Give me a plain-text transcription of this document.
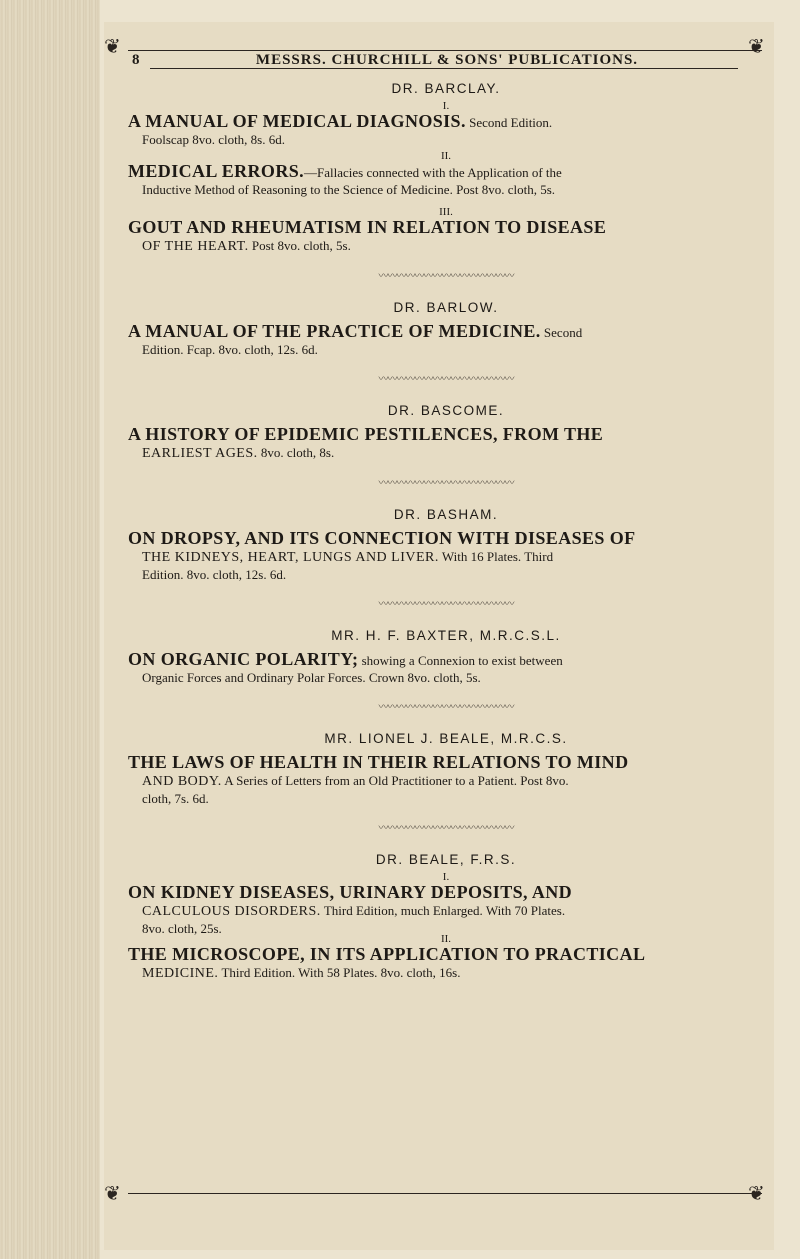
❦	❦
❦	❦
8	MESSRS. CHURCHILL & SONS' PUBLICATIONS.

DR. BARCLAY.

I.

A MANUAL OF MEDICAL DIAGNOSIS. Second Edition.
Foolscap 8vo. cloth, 8s. 6d.

II.

MEDICAL ERRORS.—Fallacies connected with the Application of the
Inductive Method of Reasoning to the Science of Medicine. Post 8vo. cloth, 5s.

III.

GOUT AND RHEUMATISM IN RELATION TO DISEASE
OF THE HEART. Post 8vo. cloth, 5s.

〰〰〰〰〰〰〰〰〰〰〰〰〰〰〰

DR. BARLOW.

A MANUAL OF THE PRACTICE OF MEDICINE. Second
Edition. Fcap. 8vo. cloth, 12s. 6d.

〰〰〰〰〰〰〰〰〰〰〰〰〰〰〰

DR. BASCOME.

A HISTORY OF EPIDEMIC PESTILENCES, FROM THE
EARLIEST AGES. 8vo. cloth, 8s.

〰〰〰〰〰〰〰〰〰〰〰〰〰〰〰

DR. BASHAM.

ON DROPSY, AND ITS CONNECTION WITH DISEASES OF
THE KIDNEYS, HEART, LUNGS AND LIVER. With 16 Plates. Third
Edition. 8vo. cloth, 12s. 6d.

〰〰〰〰〰〰〰〰〰〰〰〰〰〰〰

MR. H. F. BAXTER, M.R.C.S.L.

ON ORGANIC POLARITY; showing a Connexion to exist between
Organic Forces and Ordinary Polar Forces. Crown 8vo. cloth, 5s.

〰〰〰〰〰〰〰〰〰〰〰〰〰〰〰

MR. LIONEL J. BEALE, M.R.C.S.

THE LAWS OF HEALTH IN THEIR RELATIONS TO MIND
AND BODY. A Series of Letters from an Old Practitioner to a Patient. Post 8vo.
cloth, 7s. 6d.

〰〰〰〰〰〰〰〰〰〰〰〰〰〰〰

DR. BEALE, F.R.S.

I.

ON KIDNEY DISEASES, URINARY DEPOSITS, AND
CALCULOUS DISORDERS. Third Edition, much Enlarged. With 70 Plates.
8vo. cloth, 25s.

II.

THE MICROSCOPE, IN ITS APPLICATION TO PRACTICAL
MEDICINE. Third Edition. With 58 Plates. 8vo. cloth, 16s.
